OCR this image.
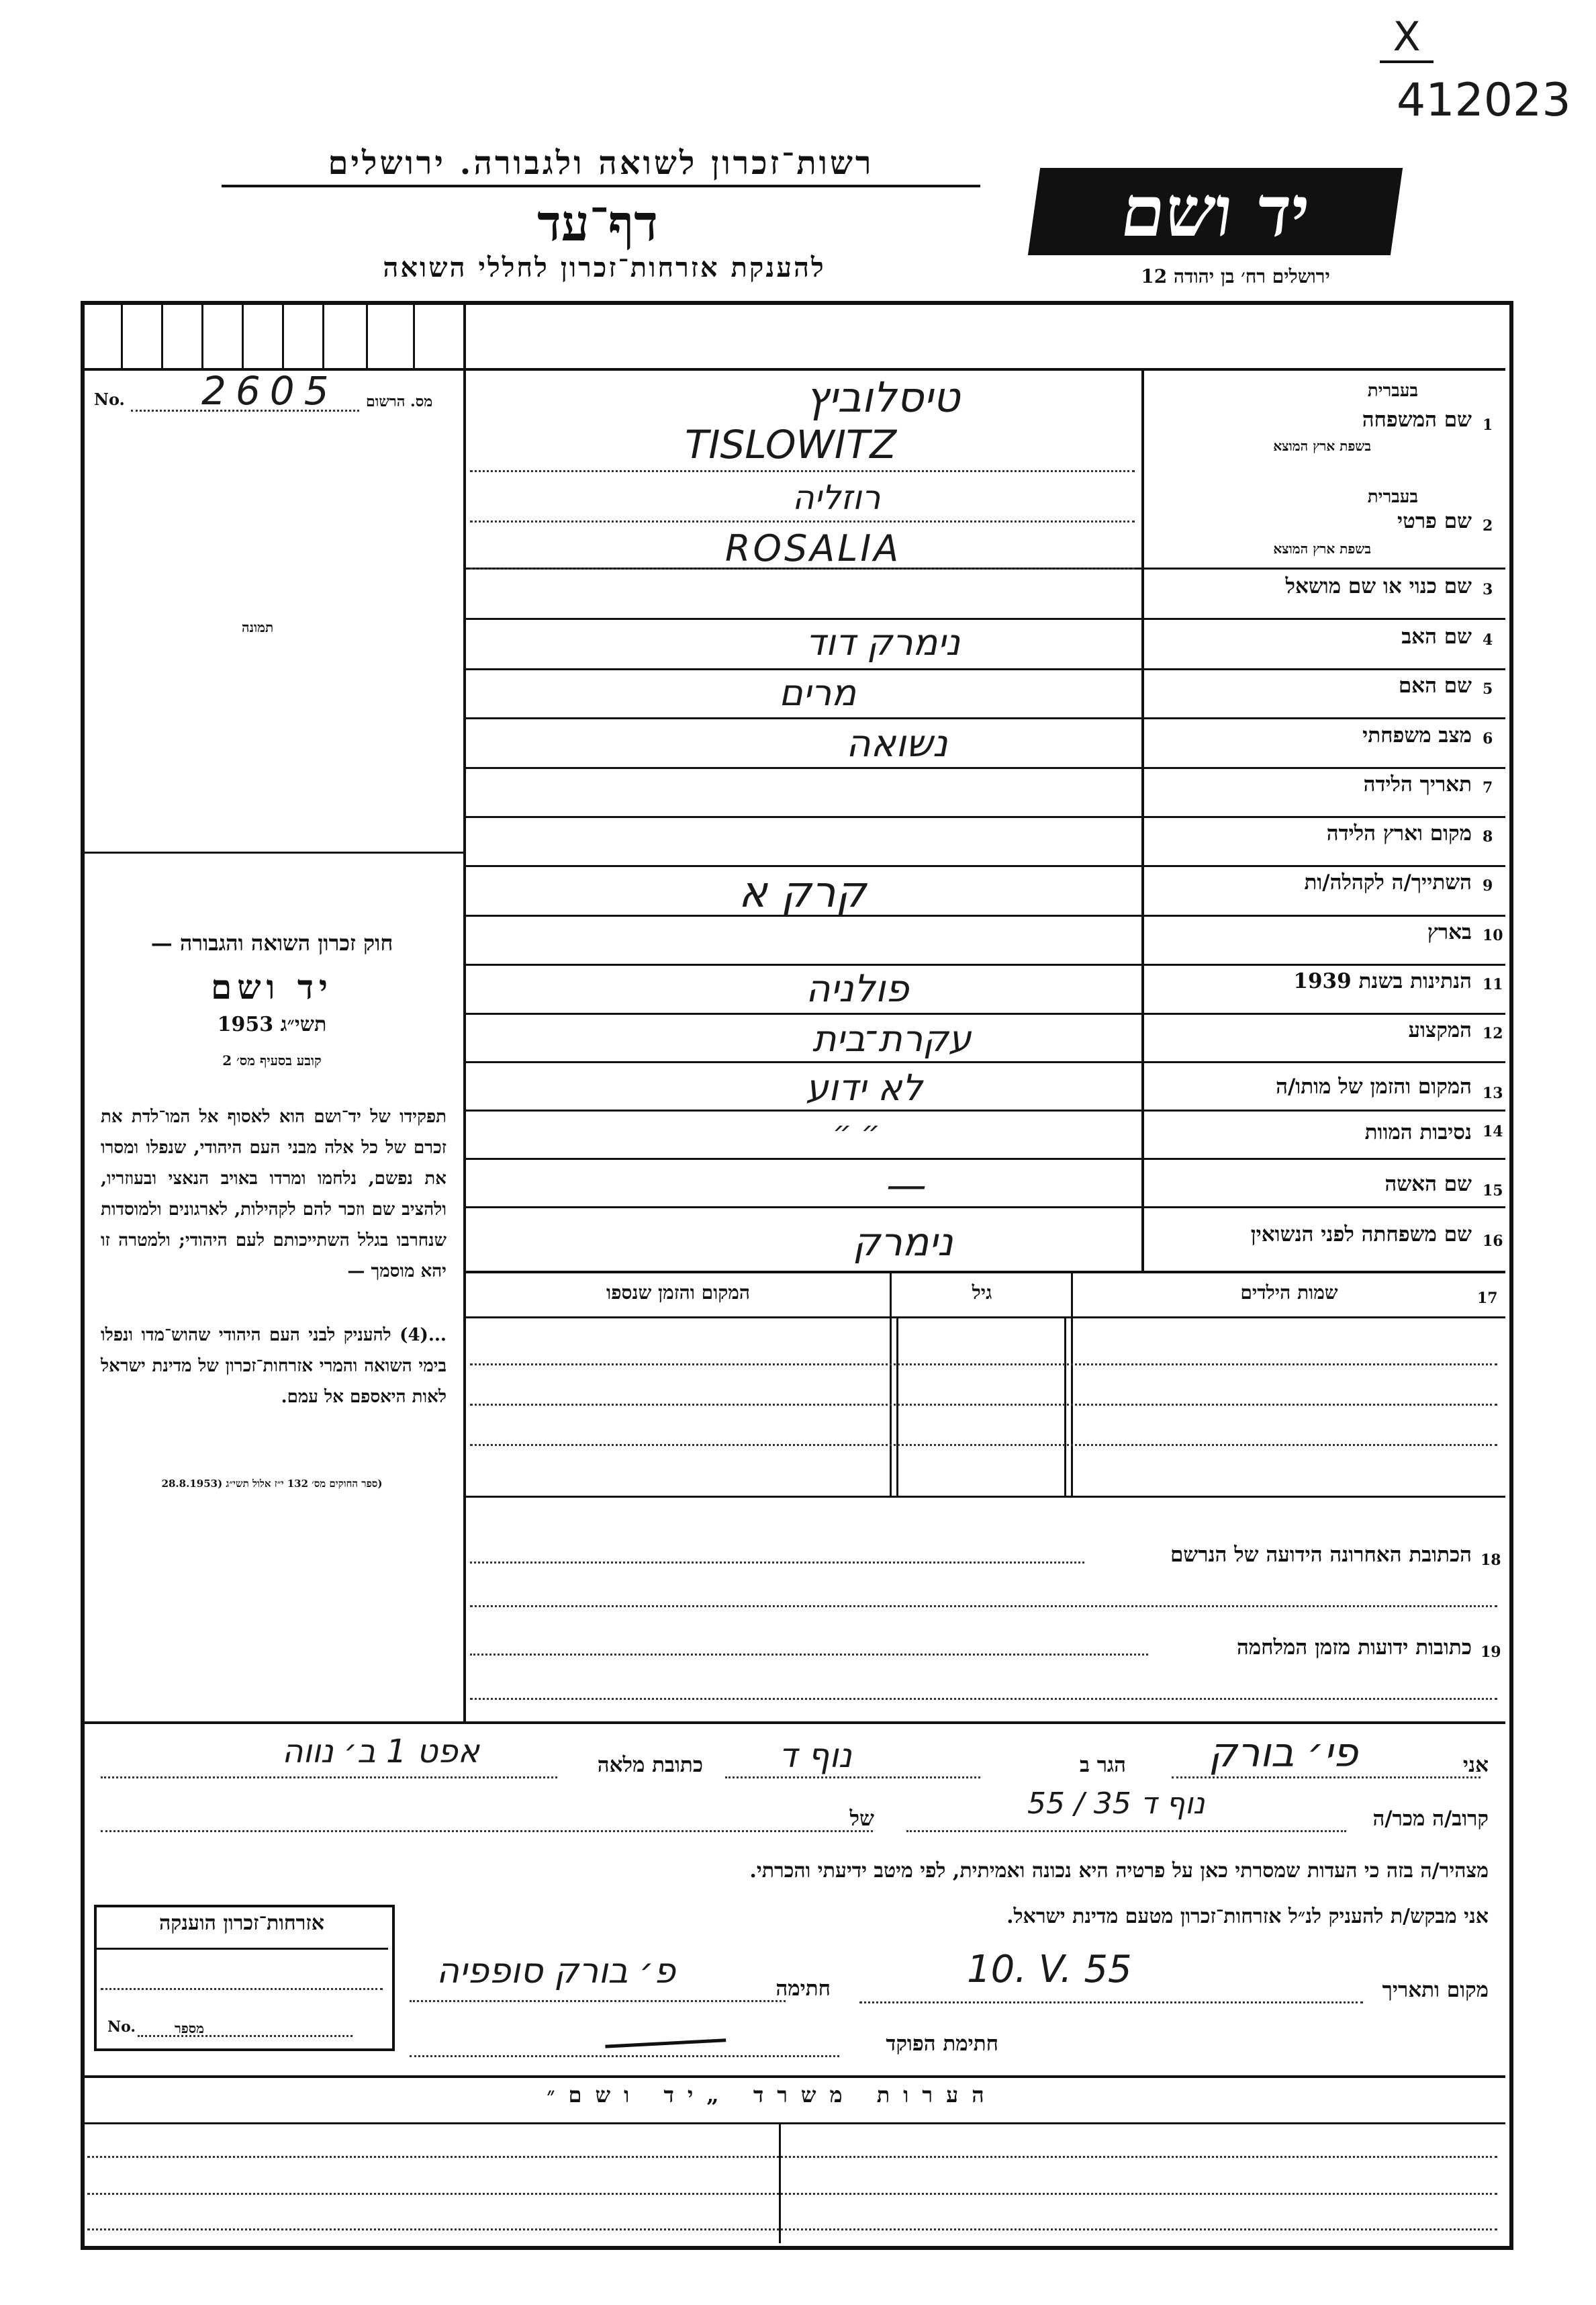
X
412023
רשות־זכרון לשואה ולגבורה. ירושלים
דף־עד
להענקת אזרחות־זכרון לחללי השואה
יד ושם
ירושלים רח׳ בן יהודה 12
No. 2605 מס. הרשום
תמונה
חוק זכרון השואה והגבורה —
יד ושם
תשי״ג 1953
קובע בסעיף מס׳ 2
תפקידו של יד־ושם הוא לאסוף אל המו־לדת את זכרם של כל אלה מבני העם היהודי, שנפלו ומסרו את נפשם, נלחמו ומרדו באויב הנאצי ובעוזריו, ולהציב שם וזכר להם לקהילות, לארגונים ולמוסדות שנחרבו בגלל השתייכותם לעם היהודי; ולמטרה זו יהא מוסמך —
...(4) להעניק לבני העם היהודי שהוש־מדו ונפלו בימי השואה והמרי אזרחות־זכרון של מדינת ישראל לאות היאספם אל עמם.
(ספר החוקים מס׳ 132 י״ז אלול תשי״ג (28.8.1953
1
שם המשפחה
בעברית
בשפת ארץ המוצא
טיסלוביץ
TISLOWITZ
2
שם פרטי
בעברית
בשפת ארץ המוצא
רוזליה
ROSALIA
3
שם כנוי או שם מושאל
4
שם האב
נימרק דוד
5
שם האם
מרים
6
מצב משפחתי
נשואה
7
תאריך הלידה
8
מקום וארץ הלידה
9
השתייך/ה לקהלה/ות
קרק א
10
בארץ
11
הנתינות בשנת 1939
פולניה
12
המקצוע
עקרת־בית
13
המקום והזמן של מותו/ה
לא ידוע
14
נסיבות המוות
״ ״
15
שם האשה
—
16
שם משפחתה לפני הנשואין
נימרק
17
שמות הילדים
גיל
המקום והזמן שנספו
18
הכתובת האחרונה הידועה של הנרשם
19
כתובות ידועות מזמן המלחמה
אני
פי׳ בורק
הגר ב
נוף ד
כתובת מלאה
אפט 1 ב׳ נווה
קרוב/ה מכר/ה
נוף ד 35 / 55
של
מצהיר/ה בזה כי העדות שמסרתי כאן על פרטיה היא נכונה ואמיתית, לפי מיטב ידיעתי והכרתי.
אני מבקש/ת להעניק לנ״ל אזרחות־זכרון מטעם מדינת ישראל.
מקום ותאריך
10. V. 55
חתימה
פ׳ בורק סופפיה
חתימת הפוקד
אזרחות־זכרון הוענקה
No.	מספר
הערות משרד „יד ושם״
